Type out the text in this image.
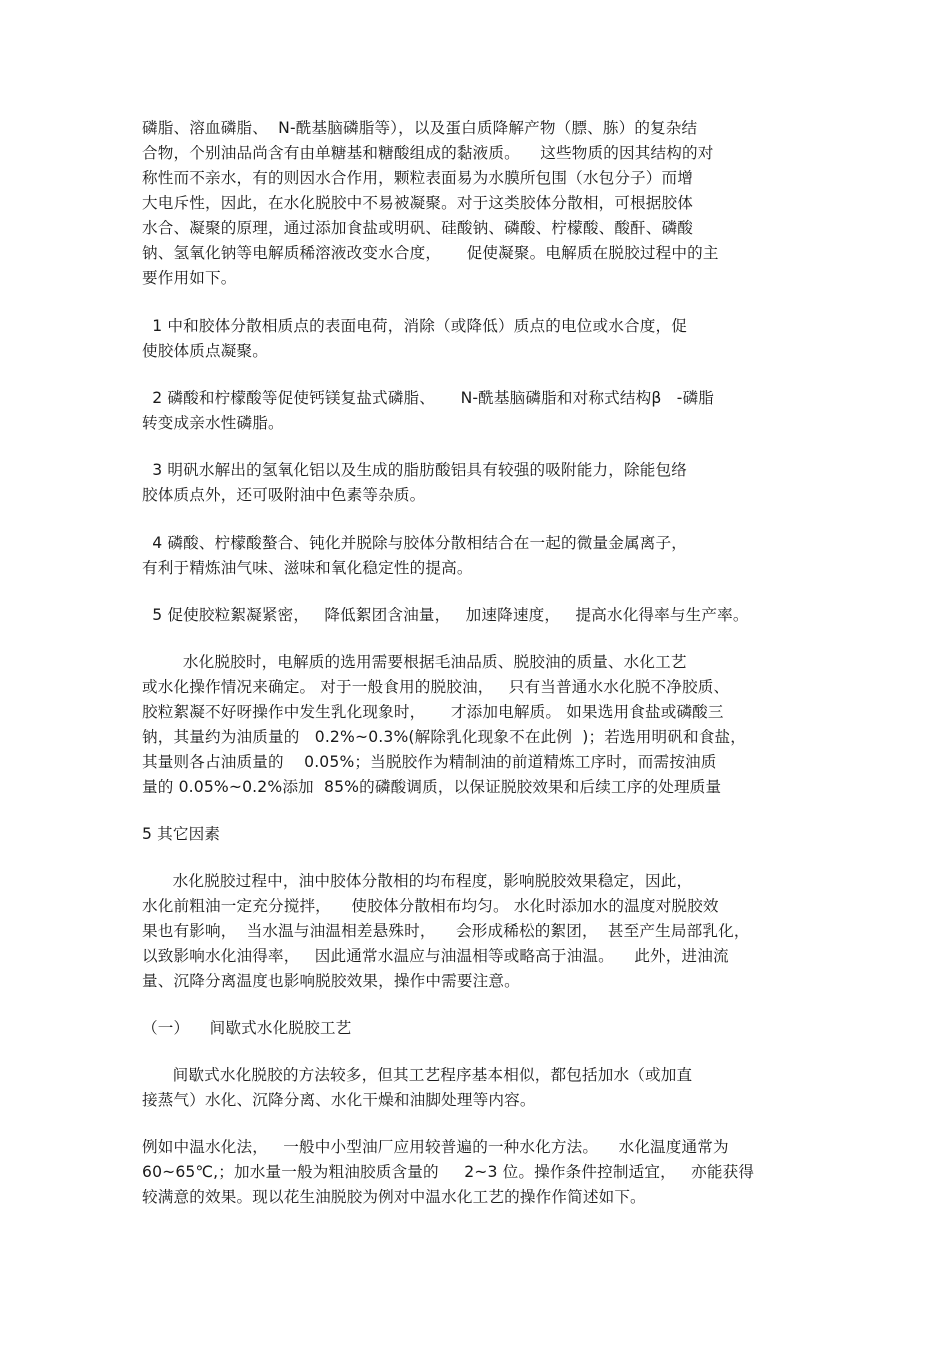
磷脂、溶血磷脂、  N-酰基脑磷脂等），以及蛋白质降解产物（膘、胨）的复杂结
合物，个别油品尚含有由单糖基和糖酸组成的黏液质。    这些物质的因其结构的对
称性而不亲水，有的则因水合作用，颗粒表面易为水膜所包围（水包分子）而增
大电斥性，因此，在水化脱胶中不易被凝聚。对于这类胶体分散相，可根据胶体
水合、凝聚的原理，通过添加食盐或明矾、硅酸钠、磷酸、柠檬酸、酸酐、磷酸
钠、氢氧化钠等电解质稀溶液改变水合度，     促使凝聚。电解质在脱胶过程中的主
要作用如下。
1 中和胶体分散相质点的表面电荷，消除（或降低）质点的电位或水合度，促
使胶体质点凝聚。
2 磷酸和柠檬酸等促使钙镁复盐式磷脂、     N-酰基脑磷脂和对称式结构β   -磷脂
转变成亲水性磷脂。
3 明矾水解出的氢氧化铝以及生成的脂肪酸铝具有较强的吸附能力，除能包络
胶体质点外，还可吸附油中色素等杂质。
4 磷酸、柠檬酸螯合、钝化并脱除与胶体分散相结合在一起的微量金属离子，
有利于精炼油气味、滋味和氧化稳定性的提高。
5 促使胶粒絮凝紧密，   降低絮团含油量，   加速降速度，   提高水化得率与生产率。
水化脱胶时，电解质的选用需要根据毛油品质、脱胶油的质量、水化工艺
或水化操作情况来确定。 对于一般食用的脱胶油，   只有当普通水水化脱不净胶质、
胶粒絮凝不好呀操作中发生乳化现象时，     才添加电解质。 如果选用食盐或磷酸三
钠，其量约为油质量的   0.2%~0.3%(解除乳化现象不在此例  )；若选用明矾和食盐，
其量则各占油质量的    0.05%；当脱胶作为精制油的前道精炼工序时，而需按油质
量的 0.05%~0.2%添加  85%的磷酸调质，以保证脱胶效果和后续工序的处理质量
5 其它因素
水化脱胶过程中，油中胶体分散相的均布程度，影响脱胶效果稳定，因此，
水化前粗油一定充分搅拌，    使胶体分散相布均匀。 水化时添加水的温度对脱胶效
果也有影响，  当水温与油温相差悬殊时，    会形成稀松的絮团，  甚至产生局部乳化，
以致影响水化油得率，   因此通常水温应与油温相等或略高于油温。    此外，进油流
量、沉降分离温度也影响脱胶效果，操作中需要注意。
（一）    间歇式水化脱胶工艺
间歇式水化脱胶的方法较多，但其工艺程序基本相似，都包括加水（或加直
接蒸气）水化、沉降分离、水化干燥和油脚处理等内容。
例如中温水化法，   一般中小型油厂应用较普遍的一种水化方法。    水化温度通常为
60~65℃,；加水量一般为粗油胶质含量的     2~3 位。操作条件控制适宜，   亦能获得
较满意的效果。现以花生油脱胶为例对中温水化工艺的操作作简述如下。
